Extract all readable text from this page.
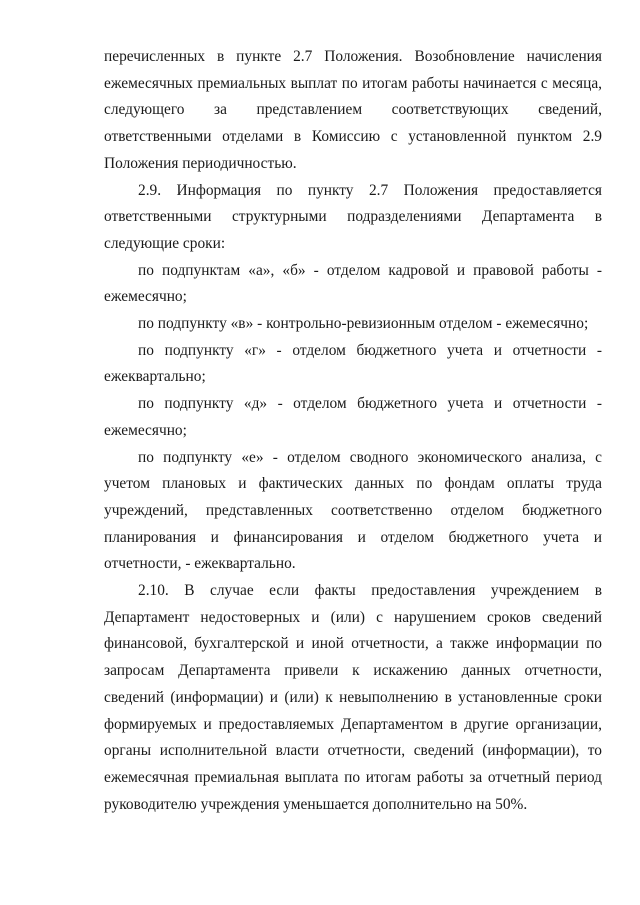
перечисленных в пункте 2.7 Положения. Возобновление начисления ежемесячных премиальных выплат по итогам работы начинается с месяца, следующего за представлением соответствующих сведений, ответственными отделами в Комиссию с установленной пунктом 2.9 Положения периодичностью.

2.9. Информация по пункту 2.7 Положения предоставляется ответственными структурными подразделениями Департамента в следующие сроки:

по подпунктам «а», «б» - отделом кадровой и правовой работы - ежемесячно;

по подпункту «в» - контрольно-ревизионным отделом - ежемесячно;

по подпункту «г» - отделом бюджетного учета и отчетности - ежеквартально;

по подпункту «д» - отделом бюджетного учета и отчетности - ежемесячно;

по подпункту «е» - отделом сводного экономического анализа, с учетом плановых и фактических данных по фондам оплаты труда учреждений, представленных соответственно отделом бюджетного планирования и финансирования и отделом бюджетного учета и отчетности, - ежеквартально.

2.10. В случае если факты предоставления учреждением в Департамент недостоверных и (или) с нарушением сроков сведений финансовой, бухгалтерской и иной отчетности, а также информации по запросам Департамента привели к искажению данных отчетности, сведений (информации) и (или) к невыполнению в установленные сроки формируемых и предоставляемых Департаментом в другие организации, органы исполнительной власти отчетности, сведений (информации), то ежемесячная премиальная выплата по итогам работы за отчетный период руководителю учреждения уменьшается дополнительно на 50%.
